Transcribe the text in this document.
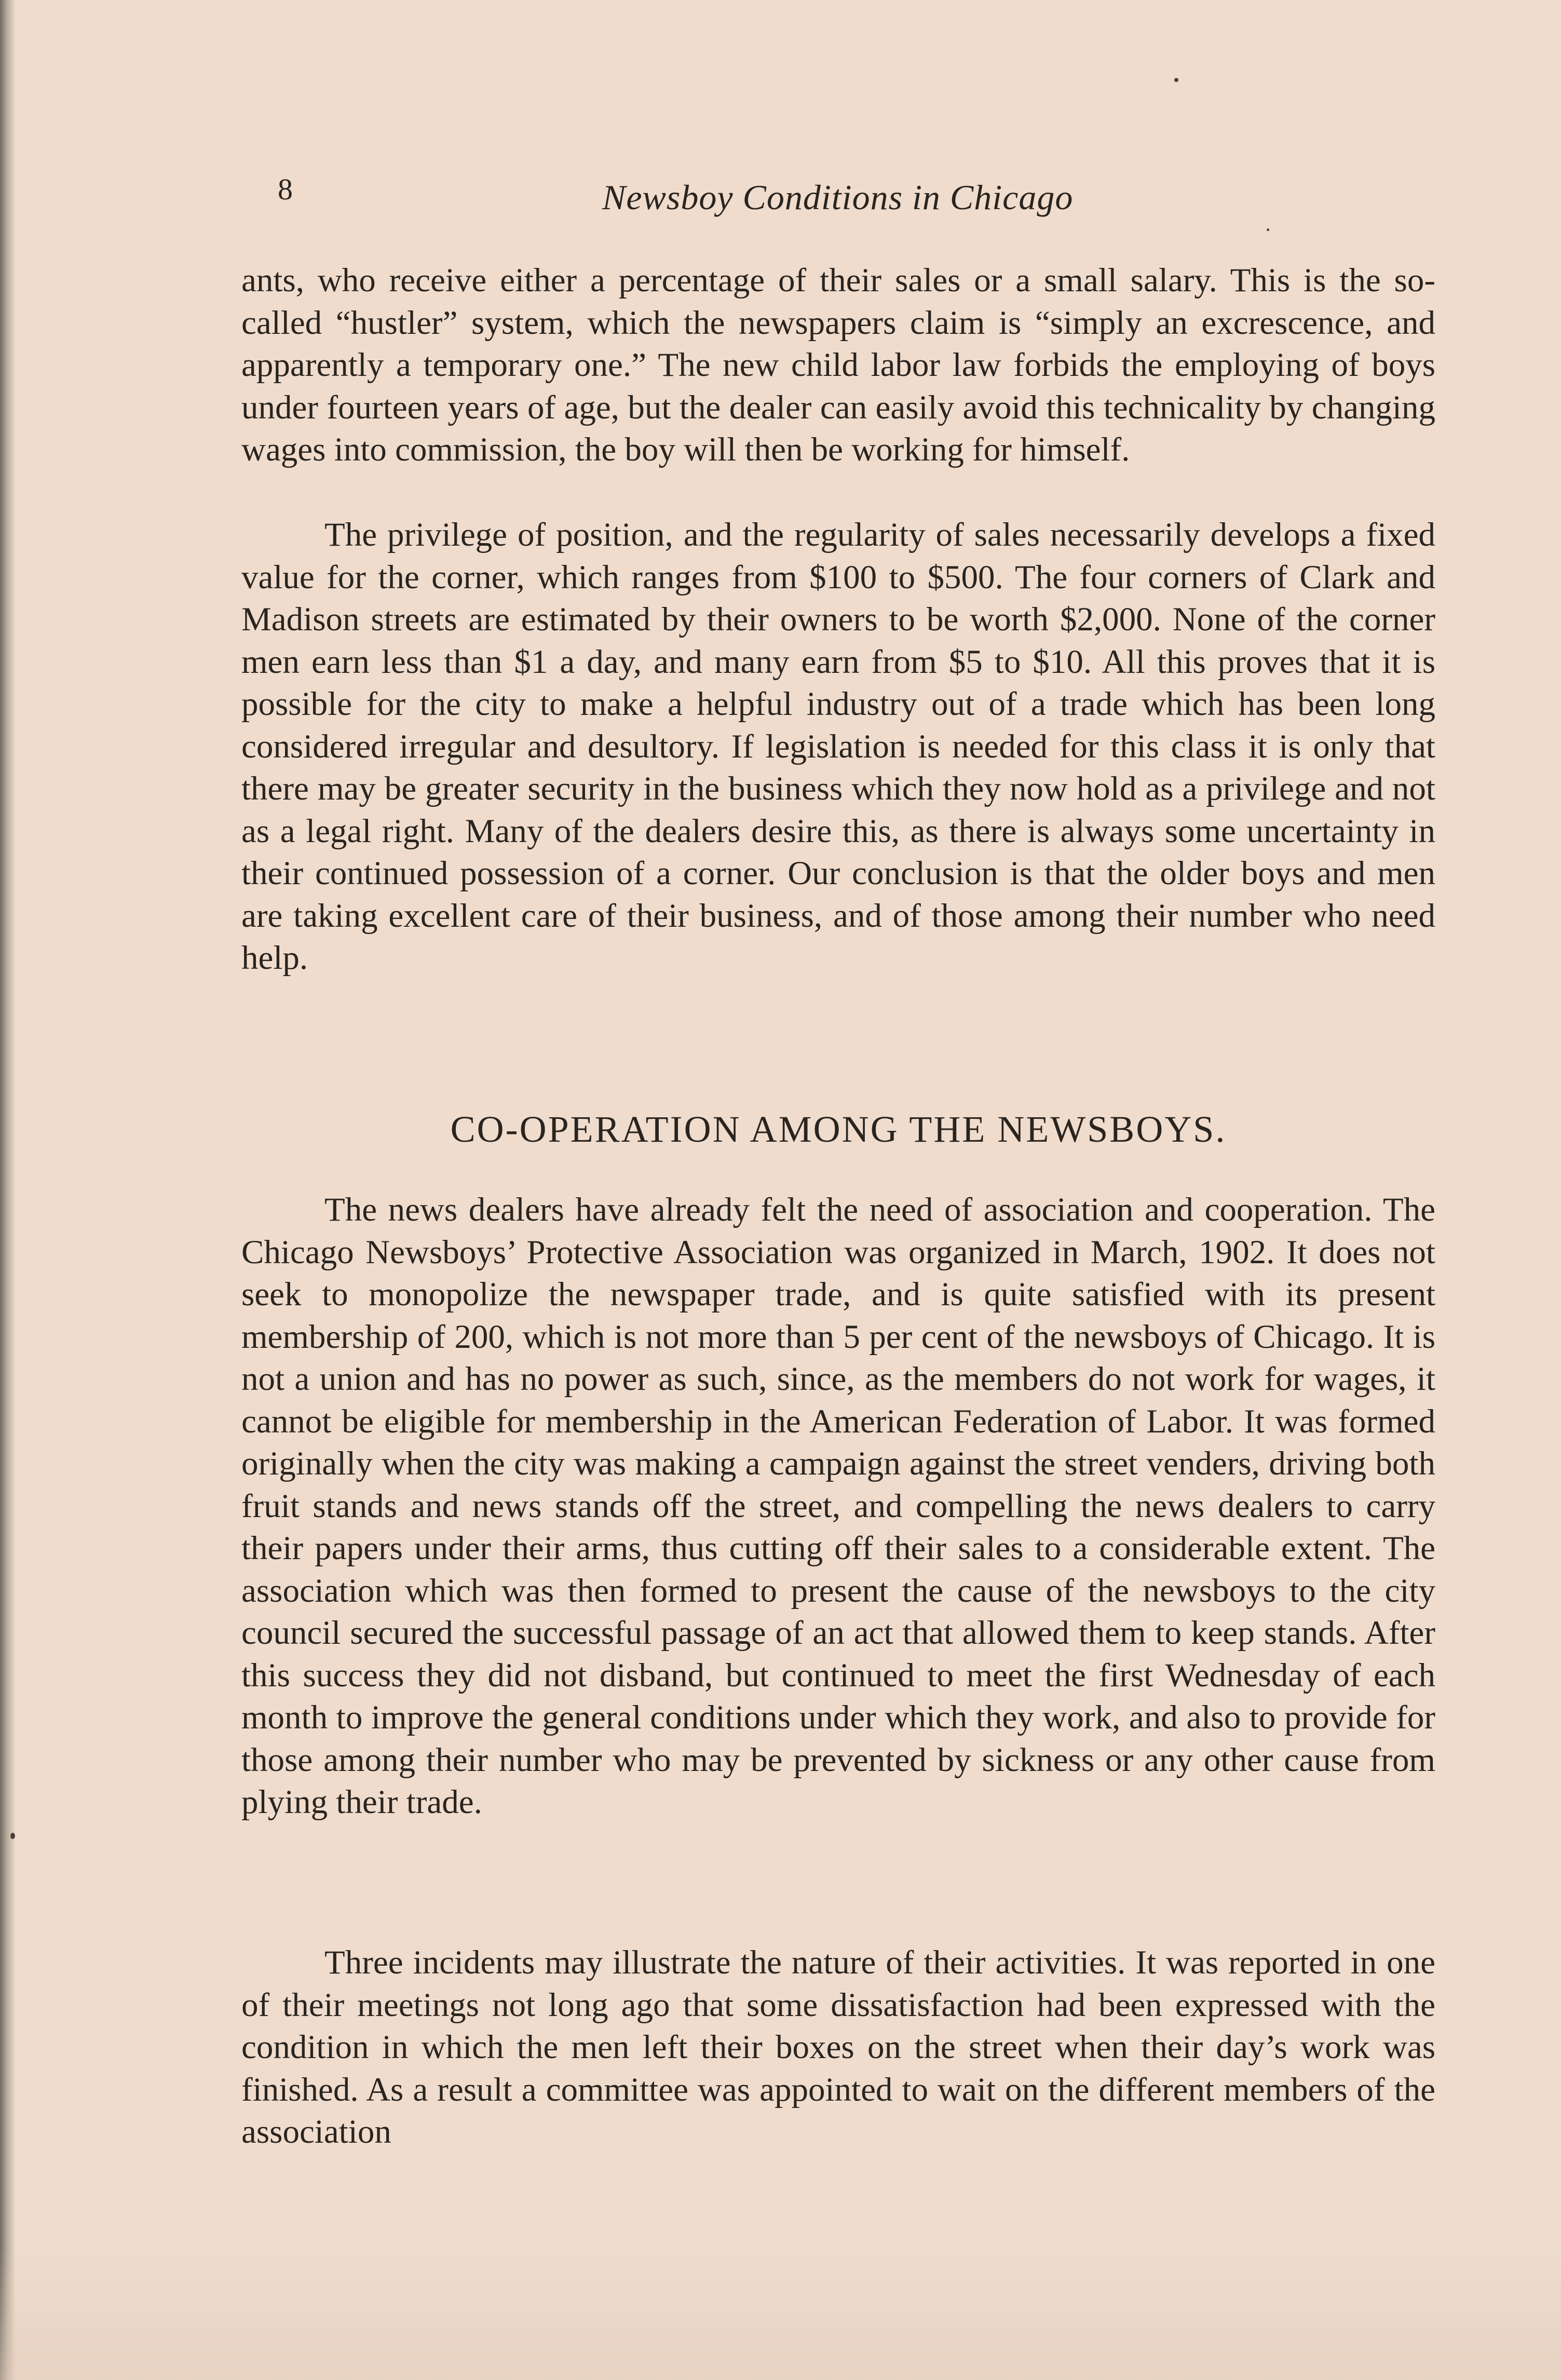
8	Newsboy Conditions in Chicago
ants, who receive either a percentage of their sales or a small salary. This is the so-called “hustler” system, which the newspapers claim is “simply an excrescence, and apparently a temporary one.” The new child labor law forbids the employing of boys under fourteen years of age, but the dealer can easily avoid this technicality by changing wages into commission, the boy will then be working for himself.
The privilege of position, and the regularity of sales necessarily develops a fixed value for the corner, which ranges from $100 to $500. The four corners of Clark and Madison streets are estimated by their owners to be worth $2,000. None of the corner men earn less than $1 a day, and many earn from $5 to $10. All this proves that it is possible for the city to make a helpful industry out of a trade which has been long considered irregular and desultory. If legislation is needed for this class it is only that there may be greater security in the business which they now hold as a privilege and not as a legal right. Many of the dealers desire this, as there is always some uncertainty in their continued possession of a corner. Our conclusion is that the older boys and men are taking excellent care of their business, and of those among their number who need help.
CO-OPERATION AMONG THE NEWSBOYS.
The news dealers have already felt the need of association and cooperation. The Chicago Newsboys’ Protective Association was organized in March, 1902. It does not seek to monopolize the newspaper trade, and is quite satisfied with its present membership of 200, which is not more than 5 per cent of the newsboys of Chicago. It is not a union and has no power as such, since, as the members do not work for wages, it cannot be eligible for membership in the American Federation of Labor. It was formed originally when the city was making a campaign against the street venders, driving both fruit stands and news stands off the street, and compelling the news dealers to carry their papers under their arms, thus cutting off their sales to a considerable extent. The association which was then formed to present the cause of the newsboys to the city council secured the successful passage of an act that allowed them to keep stands. After this success they did not disband, but continued to meet the first Wednesday of each month to improve the general conditions under which they work, and also to provide for those among their number who may be prevented by sickness or any other cause from plying their trade.
Three incidents may illustrate the nature of their activities. It was reported in one of their meetings not long ago that some dissatisfaction had been expressed with the condition in which the men left their boxes on the street when their day’s work was finished. As a result a committee was appointed to wait on the different members of the association
